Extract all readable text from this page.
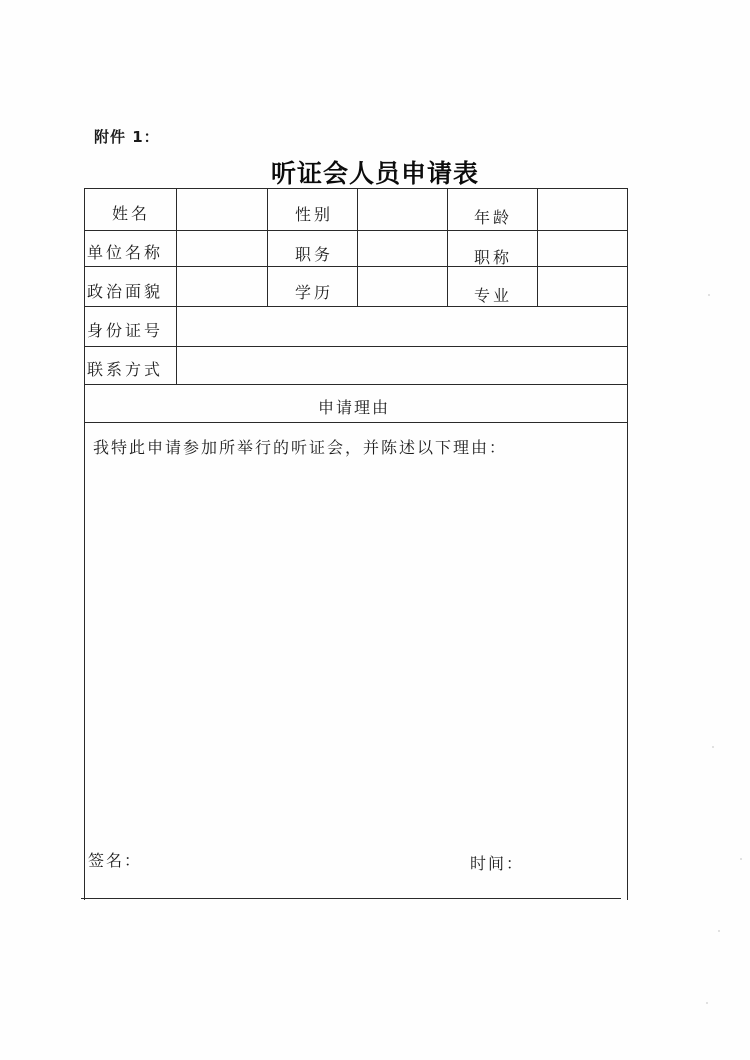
附件 1：
听证会人员申请表
姓名	性别	年龄
单位名称	职务	职称
政治面貌	学历	专业
身份证号
联系方式
申请理由
我特此申请参加所举行的听证会，并陈述以下理由：
签名：	时间：
